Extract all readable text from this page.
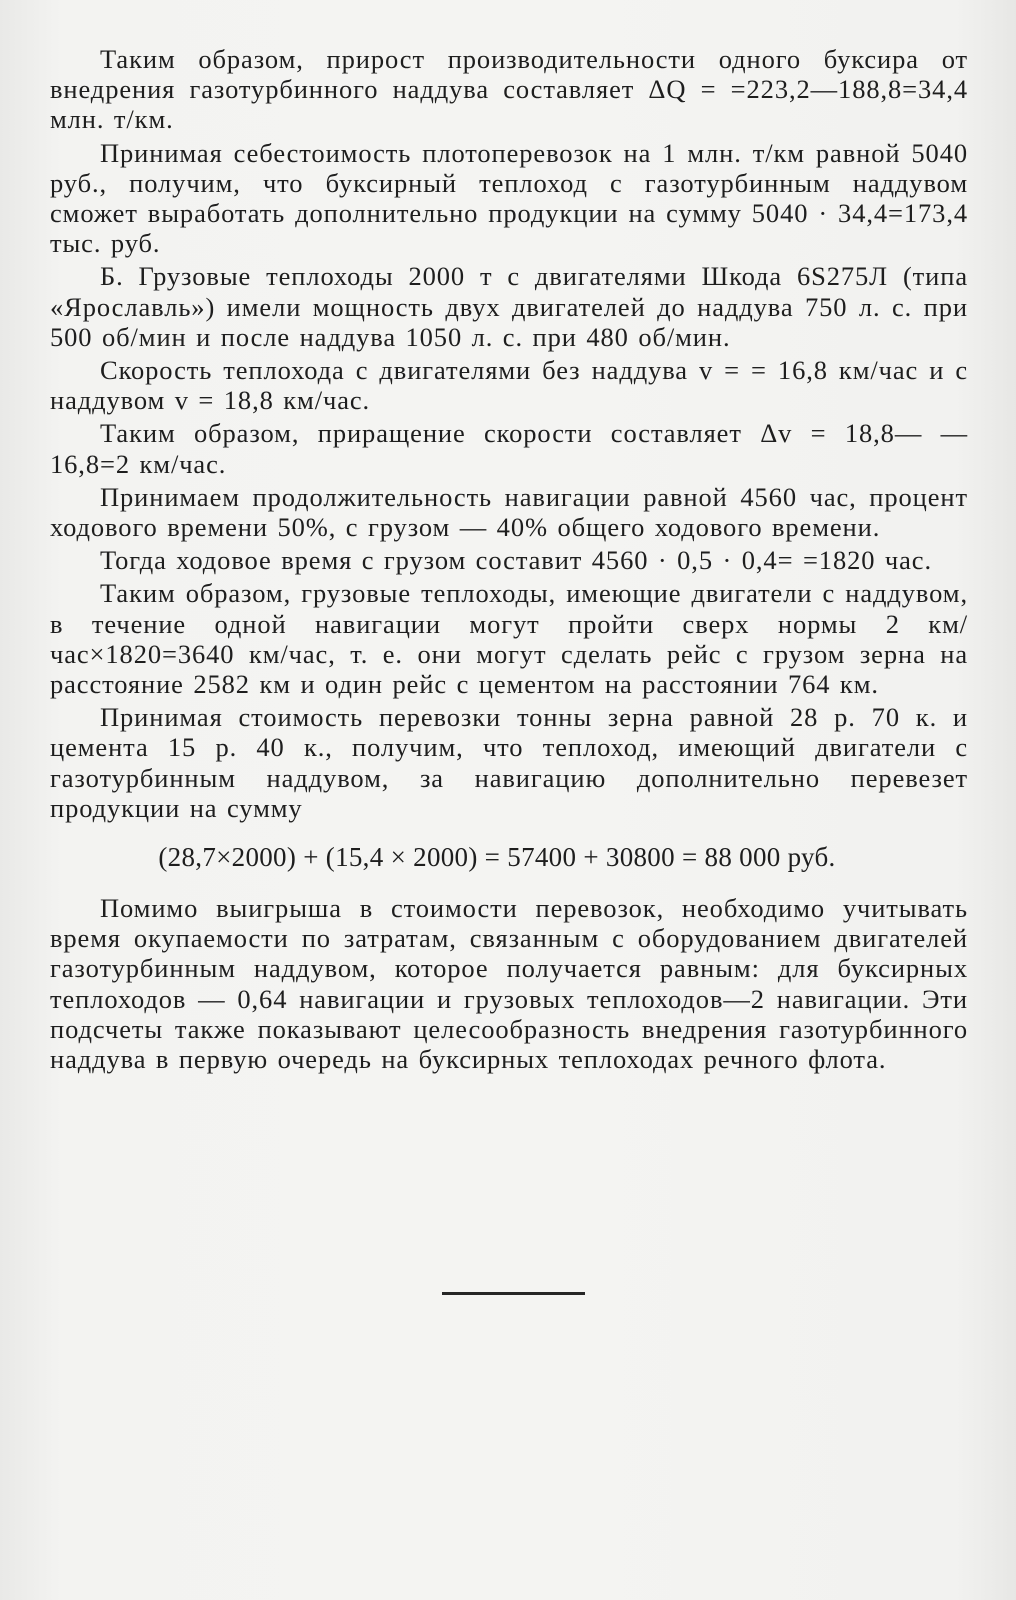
Таким образом, прирост производительности одного буксира от внедрения газотурбинного наддува составляет ΔQ = =223,2—188,8=34,4 млн. т/км.
Принимая себестоимость плотоперевозок на 1 млн. т/км равной 5040 руб., получим, что буксирный теплоход с газотурбинным наддувом сможет выработать дополнительно продукции на сумму 5040 · 34,4=173,4 тыс. руб.
Б. Грузовые теплоходы 2000 т с двигателями Шкода 6S275Л (типа «Ярославль») имели мощность двух двигателей до наддува 750 л. с. при 500 об/мин и после наддува 1050 л. с. при 480 об/мин.
Скорость теплохода с двигателями без наддува v = = 16,8 км/час и с наддувом v = 18,8 км/час.
Таким образом, приращение скорости составляет Δv = 18,8— —16,8=2 км/час.
Принимаем продолжительность навигации равной 4560 час, процент ходового времени 50%, с грузом — 40% общего ходового времени.
Тогда ходовое время с грузом составит 4560 · 0,5 · 0,4= =1820 час.
Таким образом, грузовые теплоходы, имеющие двигатели с наддувом, в течение одной навигации могут пройти сверх нормы 2 км/час×1820=3640 км/час, т. е. они могут сделать рейс с грузом зерна на расстояние 2582 км и один рейс с цементом на расстоянии 764 км.
Принимая стоимость перевозки тонны зерна равной 28 р. 70 к. и цемента 15 р. 40 к., получим, что теплоход, имеющий двигатели с газотурбинным наддувом, за навигацию дополнительно перевезет продукции на сумму
(28,7×2000) + (15,4 × 2000) = 57400 + 30800 = 88 000 руб.
Помимо выигрыша в стоимости перевозок, необходимо учитывать время окупаемости по затратам, связанным с оборудованием двигателей газотурбинным наддувом, которое получается равным: для буксирных теплоходов — 0,64 навигации и грузовых теплоходов—2 навигации. Эти подсчеты также показывают целесообразность внедрения газотурбинного наддува в первую очередь на буксирных теплоходах речного флота.
